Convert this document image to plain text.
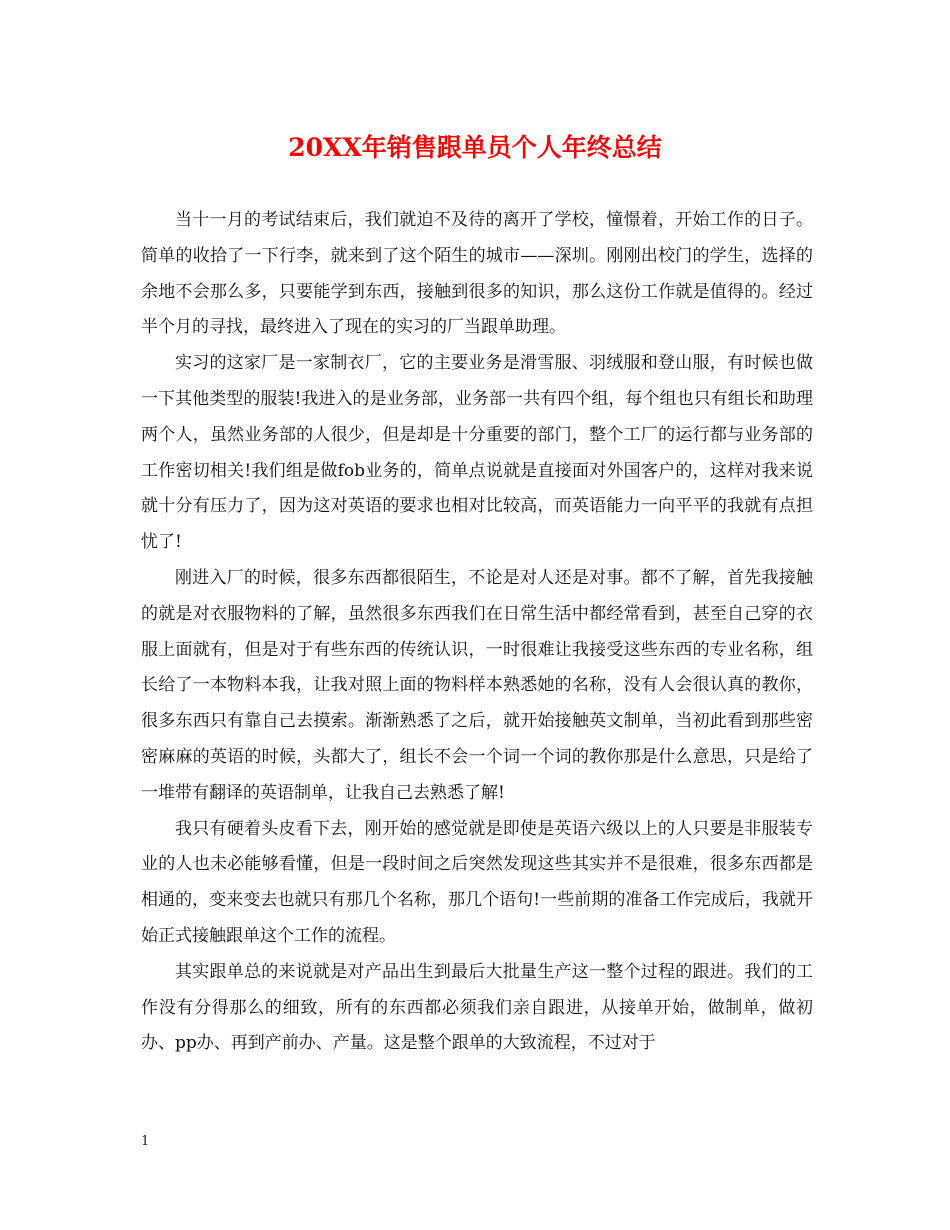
20XX年销售跟单员个人年终总结

当十一月的考试结束后，我们就迫不及待的离开了学校，憧憬着，开始工作的日子。简单的收拾了一下行李，就来到了这个陌生的城市——深圳。刚刚出校门的学生，选择的余地不会那么多，只要能学到东西，接触到很多的知识，那么这份工作就是值得的。经过半个月的寻找，最终进入了现在的实习的厂当跟单助理。

实习的这家厂是一家制衣厂，它的主要业务是滑雪服、羽绒服和登山服，有时候也做一下其他类型的服装!我进入的是业务部，业务部一共有四个组，每个组也只有组长和助理两个人，虽然业务部的人很少，但是却是十分重要的部门，整个工厂的运行都与业务部的工作密切相关!我们组是做fob业务的，简单点说就是直接面对外国客户的，这样对我来说就十分有压力了，因为这对英语的要求也相对比较高，而英语能力一向平平的我就有点担忧了!

刚进入厂的时候，很多东西都很陌生，不论是对人还是对事。都不了解，首先我接触的就是对衣服物料的了解，虽然很多东西我们在日常生活中都经常看到，甚至自己穿的衣服上面就有，但是对于有些东西的传统认识，一时很难让我接受这些东西的专业名称，组长给了一本物料本我，让我对照上面的物料样本熟悉她的名称，没有人会很认真的教你，很多东西只有靠自己去摸索。渐渐熟悉了之后，就开始接触英文制单，当初此看到那些密密麻麻的英语的时候，头都大了，组长不会一个词一个词的教你那是什么意思，只是给了一堆带有翻译的英语制单，让我自己去熟悉了解!

我只有硬着头皮看下去，刚开始的感觉就是即使是英语六级以上的人只要是非服装专业的人也未必能够看懂，但是一段时间之后突然发现这些其实并不是很难，很多东西都是相通的，变来变去也就只有那几个名称，那几个语句!一些前期的准备工作完成后，我就开始正式接触跟单这个工作的流程。

其实跟单总的来说就是对产品出生到最后大批量生产这一整个过程的跟进。我们的工作没有分得那么的细致，所有的东西都必须我们亲自跟进，从接单开始，做制单，做初办、pp办、再到产前办、产量。这是整个跟单的大致流程，不过对于

1
